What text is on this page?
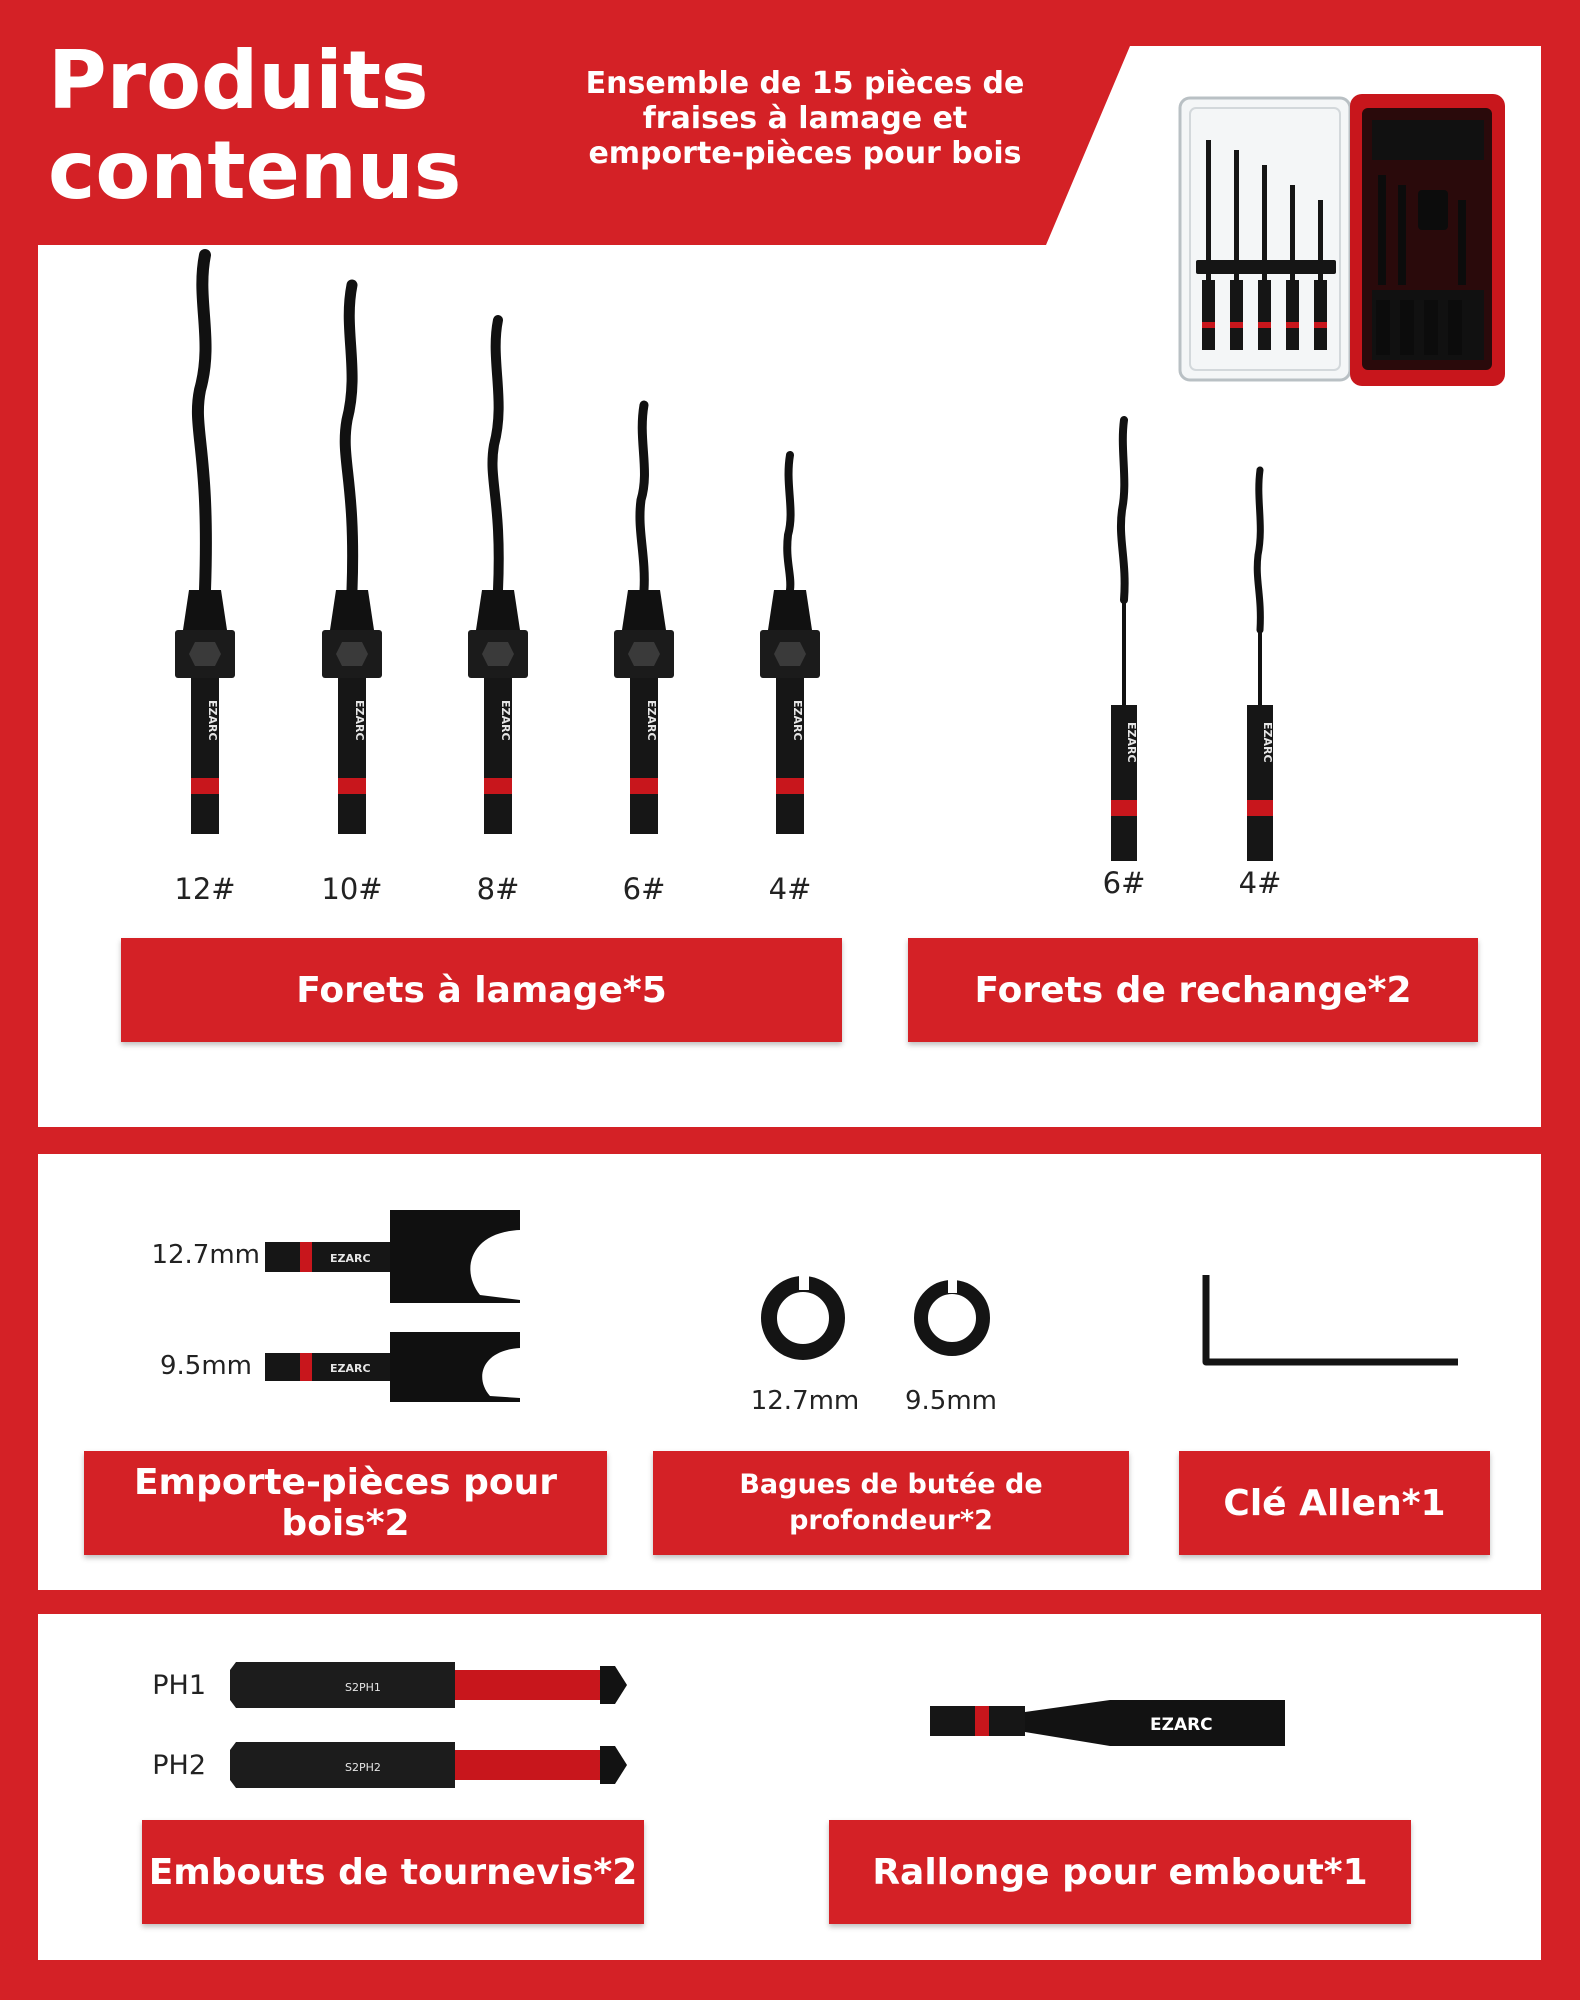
Produits
contenus
Ensemble de 15 pièces de fraises à lamage et emporte-pièces pour bois
EZARC	EZARC
12#	10#	8#	6#	4#	6#	4#
Forets à lamage*5	Forets de rechange*2
EZARC
EZARC
12.7mm
9.5mm
12.7mm	9.5mm
Emporte-pièces pour bois*2
Bagues de butée de profondeur*2	Clé Allen*1
S2PH1
S2PH2
EZARC
PH1
PH2
Embouts de tournevis*2	Rallonge pour embout*1
